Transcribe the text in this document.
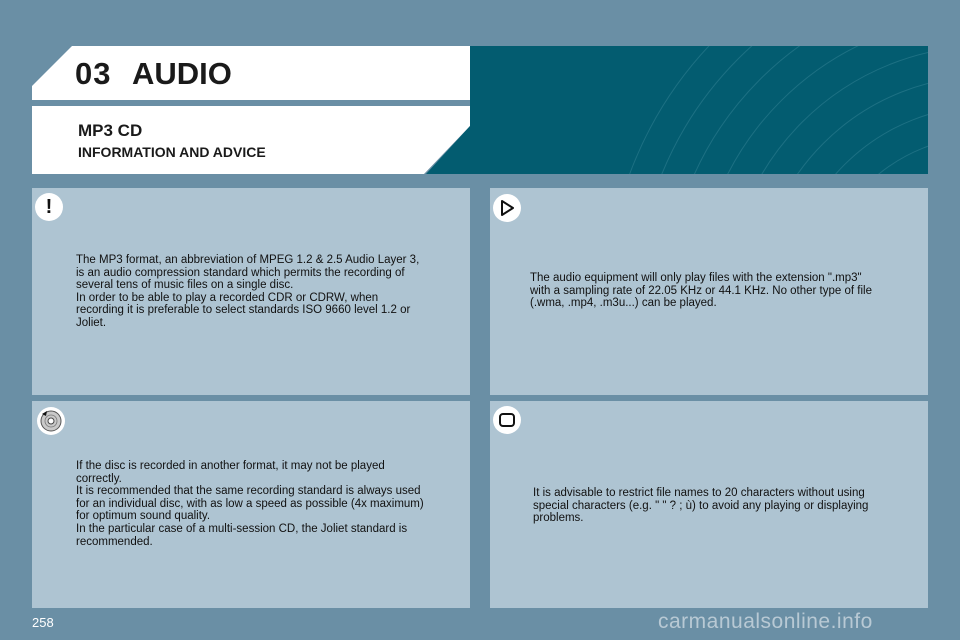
03 AUDIO
MP3 CD
INFORMATION AND ADVICE
!

The MP3 format, an abbreviation of MPEG 1.2 & 2.5 Audio Layer 3,
is an audio compression standard which permits the recording of
several tens of music files on a single disc.
In order to be able to play a recorded CDR or CDRW, when
recording it is preferable to select standards ISO 9660 level 1.2 or
Joliet.

The audio equipment will only play files with the extension ".mp3"
with a sampling rate of 22.05 KHz or 44.1 KHz. No other type of file
(.wma, .mp4, .m3u...) can be played.

If the disc is recorded in another format, it may not be played
correctly.
It is recommended that the same recording standard is always used
for an individual disc, with as low a speed as possible (4x maximum)
for optimum sound quality.
In the particular case of a multi-session CD, the Joliet standard is
recommended.

It is advisable to restrict file names to 20 characters without using
special characters (e.g. " " ? ; ù) to avoid any playing or displaying
problems.

258	carmanualsonline.info
